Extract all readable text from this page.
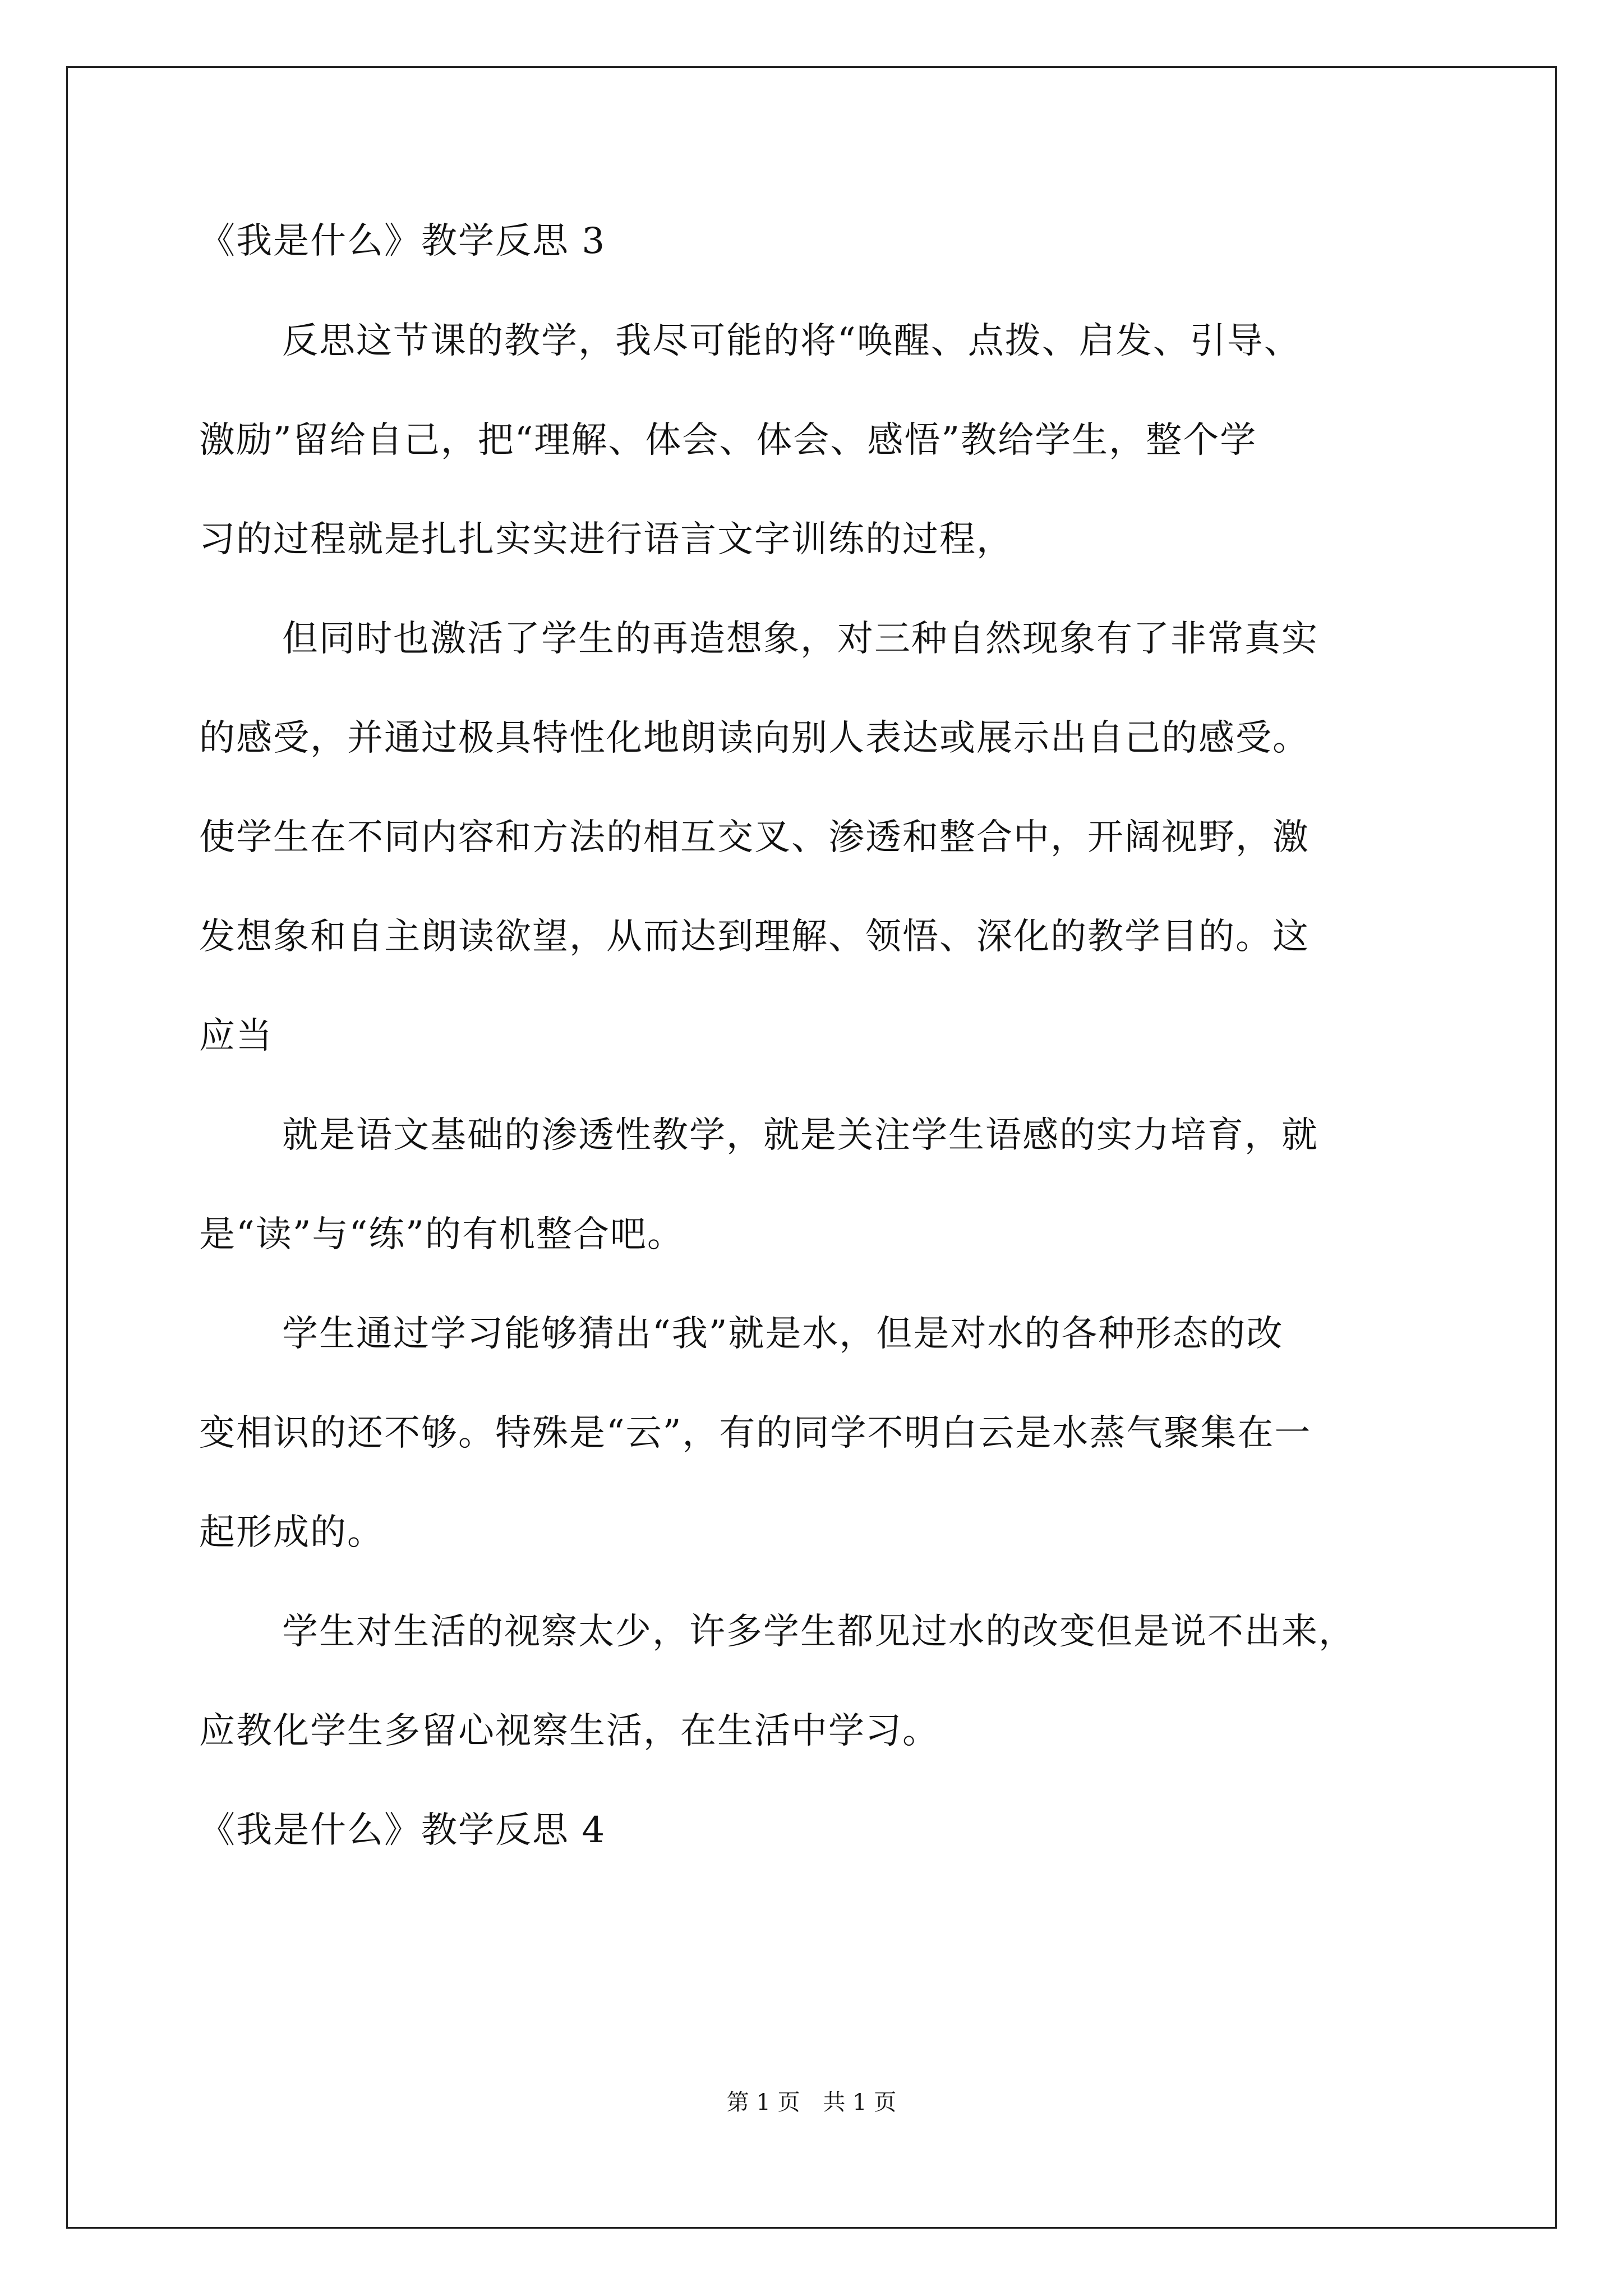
《我是什么》教学反思 3
反思这节课的教学，我尽可能的将“唤醒、点拨、启发、引导、
激励”留给自己，把“理解、体会、体会、感悟”教给学生，整个学
习的过程就是扎扎实实进行语言文字训练的过程，
但同时也激活了学生的再造想象，对三种自然现象有了非常真实
的感受，并通过极具特性化地朗读向别人表达或展示出自己的感受。
使学生在不同内容和方法的相互交叉、渗透和整合中，开阔视野，激
发想象和自主朗读欲望，从而达到理解、领悟、深化的教学目的。这
应当
就是语文基础的渗透性教学，就是关注学生语感的实力培育，就
是“读”与“练”的有机整合吧。
学生通过学习能够猜出“我”就是水，但是对水的各种形态的改
变相识的还不够。特殊是“云”，有的同学不明白云是水蒸气聚集在一
起形成的。
学生对生活的视察太少，许多学生都见过水的改变但是说不出来，
应教化学生多留心视察生活，在生活中学习。
《我是什么》教学反思 4
第 1 页 共 1 页
